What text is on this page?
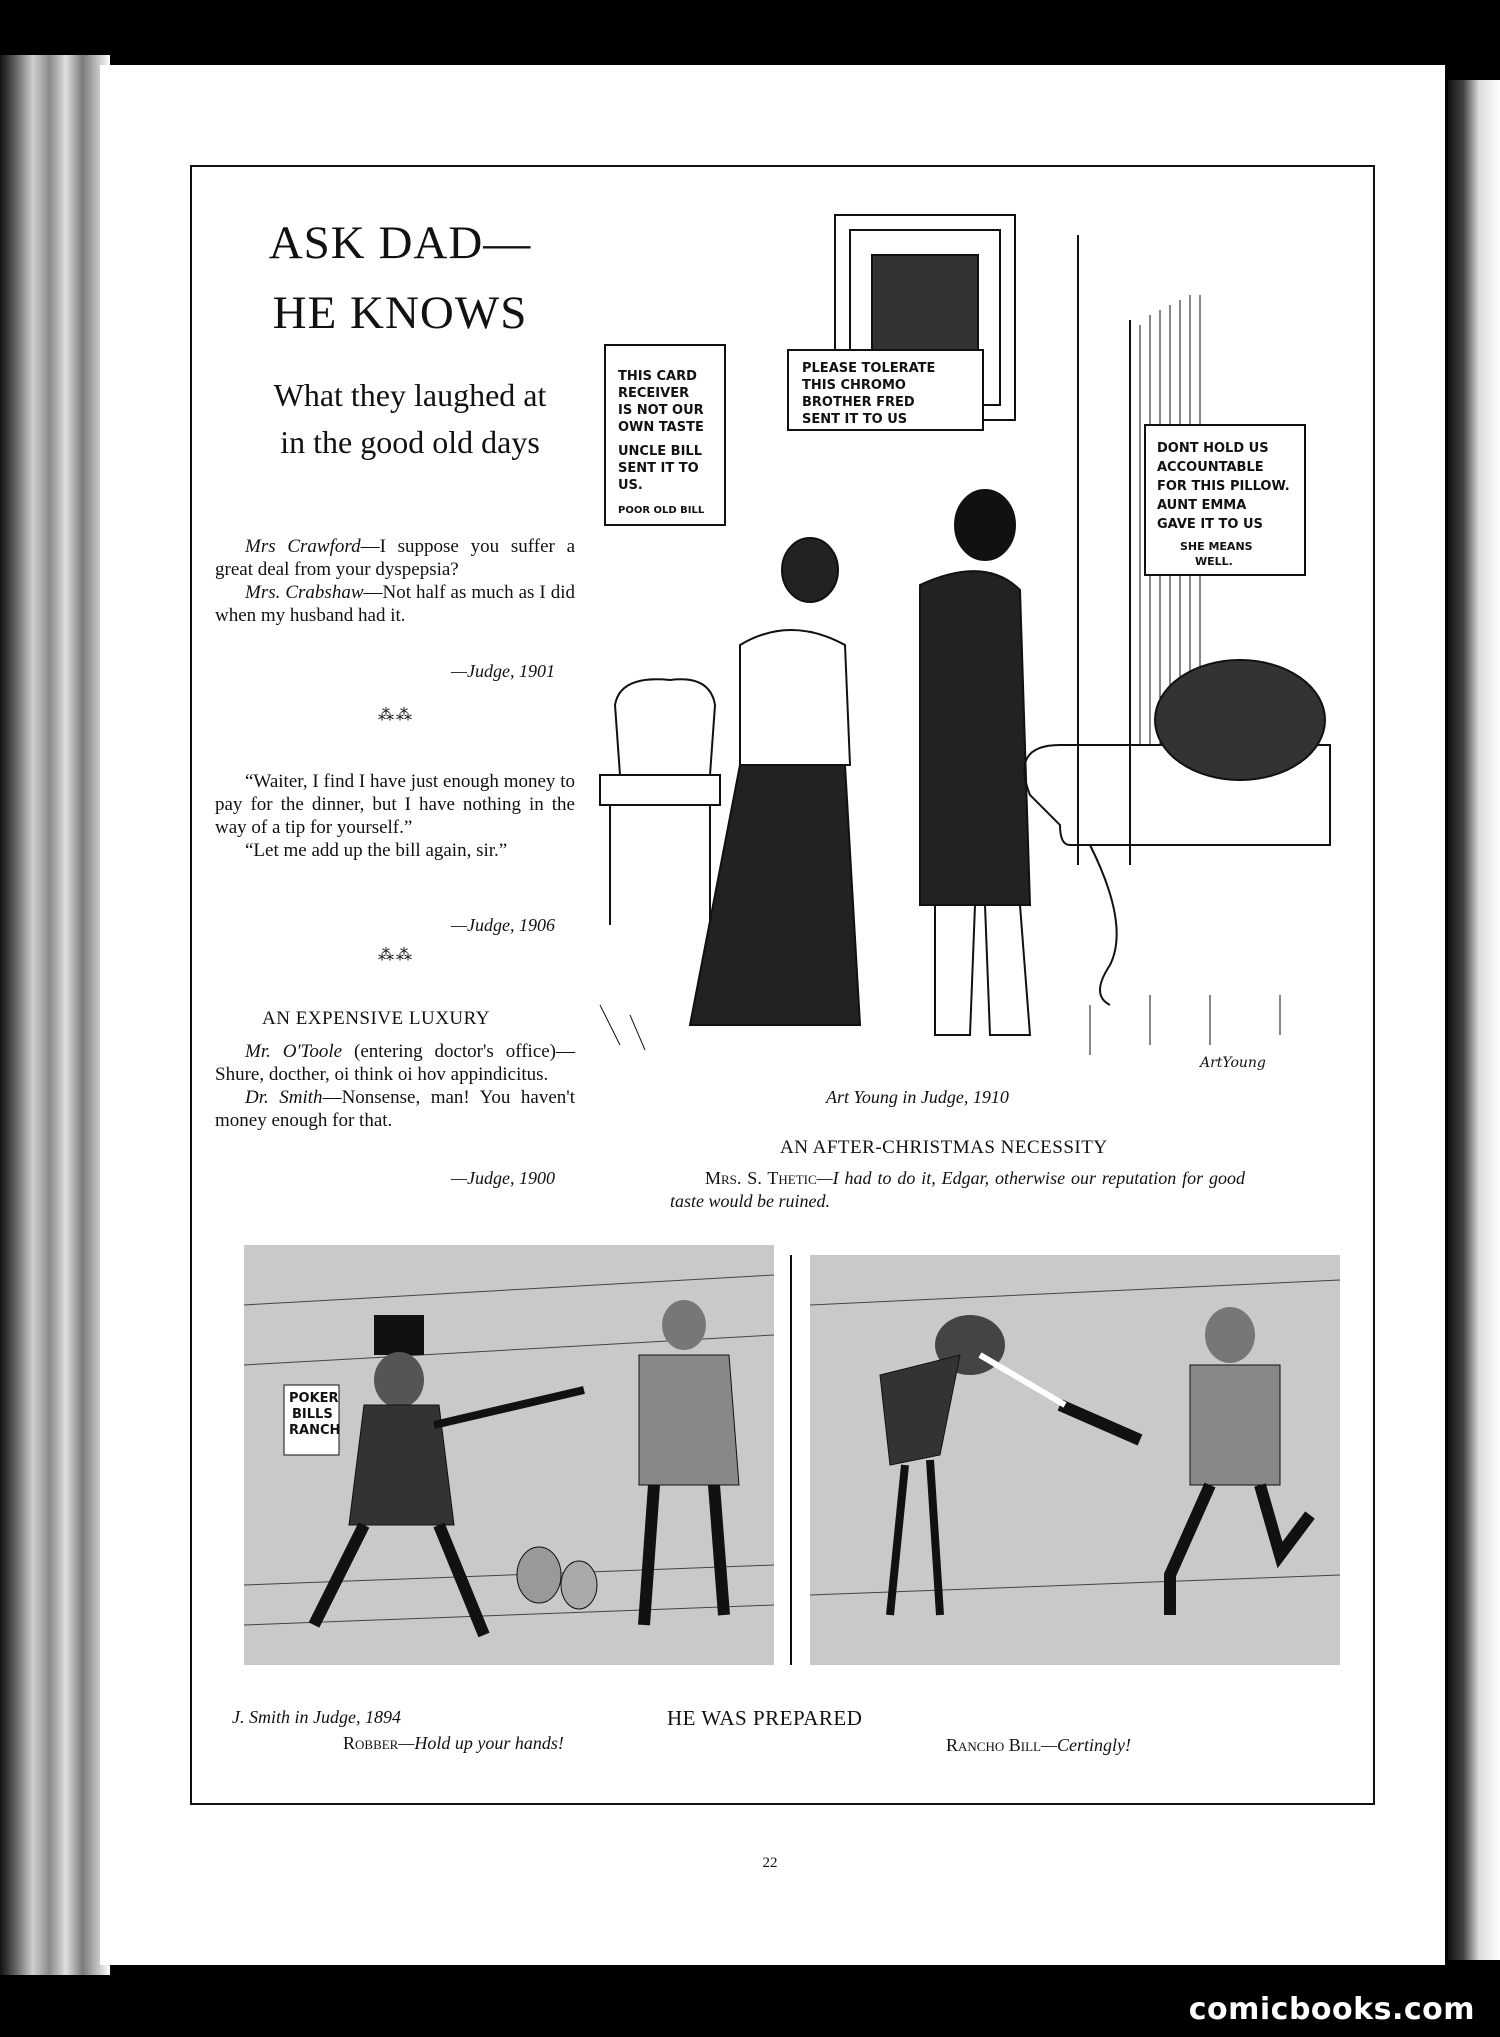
ASK DAD—
HE KNOWS
What they laughed at
in the good old days
Mrs Crawford—I suppose you suffer a great deal from your dyspepsia?
Mrs. Crabshaw—Not half as much as I did when my husband had it.
—Judge, 1901
⁂⁂
“Waiter, I find I have just enough money to pay for the dinner, but I have nothing in the way of a tip for yourself.”
“Let me add up the bill again, sir.”
—Judge, 1906
⁂⁂
AN EXPENSIVE LUXURY
Mr. O'Toole (entering doctor's office)—Shure, docther, oi think oi hov appindicitus.
Dr. Smith—Nonsense, man! You haven't money enough for that.
—Judge, 1900
THIS CARD
RECEIVER
IS NOT OUR
OWN TASTE
UNCLE BILL
SENT IT TO
US.
POOR OLD BILL
PLEASE TOLERATE
THIS CHROMO
BROTHER FRED
SENT IT TO US
DONT HOLD US
ACCOUNTABLE
FOR THIS PILLOW.
AUNT EMMA
GAVE IT TO US
SHE MEANS
WELL.
ArtYoung
Art Young in Judge, 1910
AN AFTER-CHRISTMAS NECESSITY
Mrs. S. Thetic—I had to do it, Edgar, otherwise our reputation for good taste would be ruined.
POKER
BILLS
RANCH
J. Smith in Judge, 1894	HE WAS PREPARED
Robber—Hold up your hands!	Rancho Bill—Certingly!
22
comicbooks.com
